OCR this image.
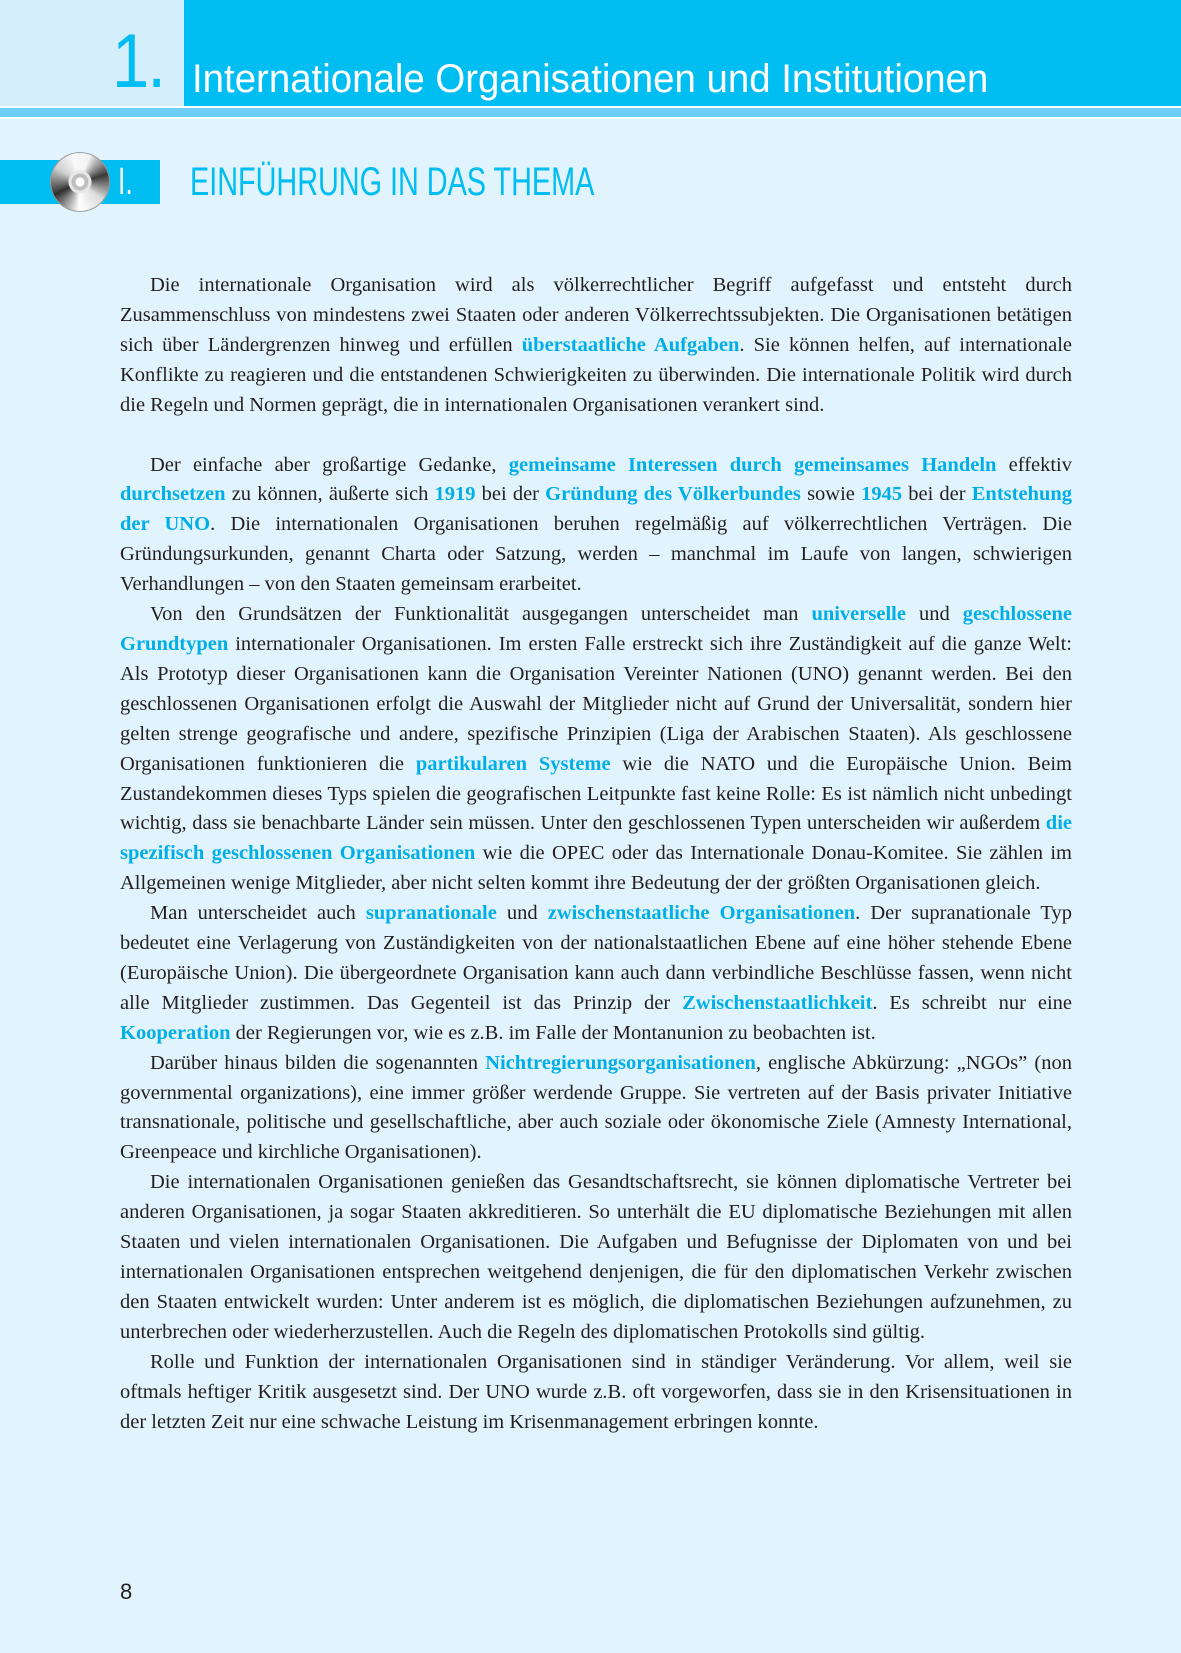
1. Internationale Organisationen und Institutionen
I. EINFÜHRUNG IN DAS THEMA

Die internationale Organisation wird als völkerrechtlicher Begriff aufgefasst und entsteht durch Zusammenschluss von mindestens zwei Staaten oder anderen Völkerrechtssubjekten. Die Organisationen betätigen sich über Ländergrenzen hinweg und erfüllen überstaatliche Aufgaben. Sie können helfen, auf internationale Konflikte zu reagieren und die entstandenen Schwierigkeiten zu überwinden. Die internationale Politik wird durch die Regeln und Normen geprägt, die in internationalen Organisationen verankert sind.

Der einfache aber großartige Gedanke, gemeinsame Interessen durch gemeinsames Handeln effektiv durchsetzen zu können, äußerte sich 1919 bei der Gründung des Völkerbundes sowie 1945 bei der Entstehung der UNO. Die internationalen Organisationen beruhen regelmäßig auf völkerrechtlichen Verträgen. Die Gründungsurkunden, genannt Charta oder Satzung, werden – manchmal im Laufe von langen, schwierigen Verhandlungen – von den Staaten gemeinsam erarbeitet.

Von den Grundsätzen der Funktionalität ausgegangen unterscheidet man universelle und geschlossene Grundtypen internationaler Organisationen. Im ersten Falle erstreckt sich ihre Zuständigkeit auf die ganze Welt: Als Prototyp dieser Organisationen kann die Organisation Vereinter Nationen (UNO) genannt werden. Bei den geschlossenen Organisationen erfolgt die Auswahl der Mitglieder nicht auf Grund der Universalität, sondern hier gelten strenge geografische und andere, spezifische Prinzipien (Liga der Arabischen Staaten). Als geschlossene Organisationen funktionieren die partikularen Systeme wie die NATO und die Europäische Union. Beim Zustandekommen dieses Typs spielen die geografischen Leitpunkte fast keine Rolle: Es ist nämlich nicht unbedingt wichtig, dass sie benachbarte Länder sein müssen. Unter den geschlossenen Typen unterscheiden wir außerdem die spezifisch geschlossenen Organisationen wie die OPEC oder das Internationale Donau-Komitee. Sie zählen im Allgemeinen wenige Mitglieder, aber nicht selten kommt ihre Bedeutung der der größten Organisationen gleich.

Man unterscheidet auch supranationale und zwischenstaatliche Organisationen. Der supranationale Typ bedeutet eine Verlagerung von Zuständigkeiten von der nationalstaatlichen Ebene auf eine höher stehende Ebene (Europäische Union). Die übergeordnete Organisation kann auch dann verbindliche Beschlüsse fassen, wenn nicht alle Mitglieder zustimmen. Das Gegenteil ist das Prinzip der Zwischenstaatlichkeit. Es schreibt nur eine Kooperation der Regierungen vor, wie es z.B. im Falle der Montanunion zu beobachten ist.

Darüber hinaus bilden die sogenannten Nichtregierungsorganisationen, englische Abkürzung: „NGOs” (non governmental organizations), eine immer größer werdende Gruppe. Sie vertreten auf der Basis privater Initiative transnationale, politische und gesellschaftliche, aber auch soziale oder ökonomische Ziele (Amnesty International, Greenpeace und kirchliche Organisationen).

Die internationalen Organisationen genießen das Gesandtschaftsrecht, sie können diplomatische Vertreter bei anderen Organisationen, ja sogar Staaten akkreditieren. So unterhält die EU diplomatische Beziehungen mit allen Staaten und vielen internationalen Organisationen. Die Aufgaben und Befugnisse der Diplomaten von und bei internationalen Organisationen entsprechen weitgehend denjenigen, die für den diplomatischen Verkehr zwischen den Staaten entwickelt wurden: Unter anderem ist es möglich, die diplomatischen Beziehungen aufzunehmen, zu unterbrechen oder wiederherzustellen. Auch die Regeln des diplomatischen Protokolls sind gültig.

Rolle und Funktion der internationalen Organisationen sind in ständiger Veränderung. Vor allem, weil sie oftmals heftiger Kritik ausgesetzt sind. Der UNO wurde z.B. oft vorgeworfen, dass sie in den Krisensituationen in der letzten Zeit nur eine schwache Leistung im Krisenmanagement erbringen konnte.

8
